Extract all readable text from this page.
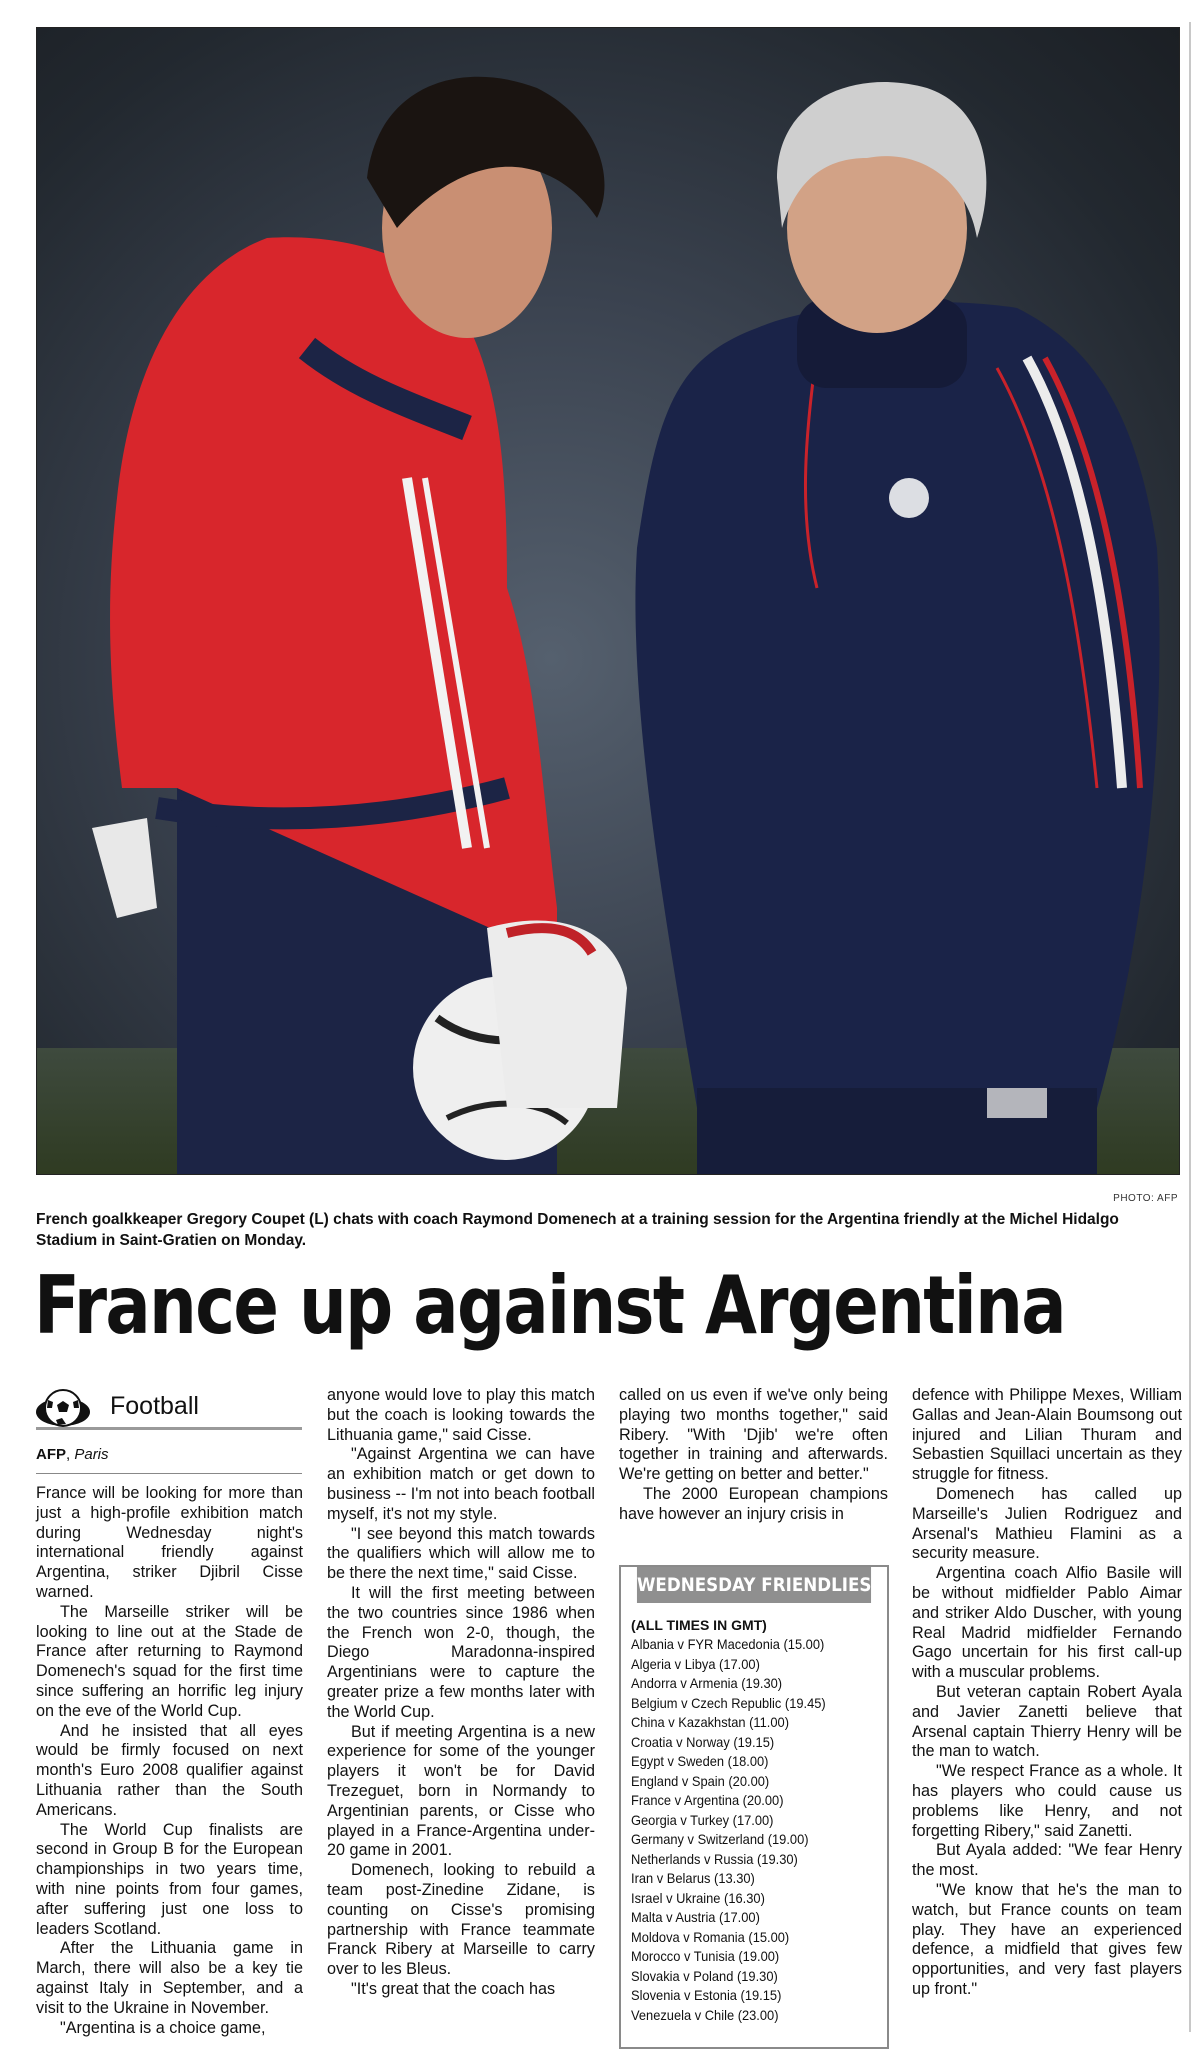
PHOTO: AFP
French goalkkeaper Gregory Coupet (L) chats with coach Raymond Domenech at a training session for the Argentina friendly at the Michel Hidalgo Stadium in Saint-Gratien on Monday.
France up against Argentina
Football
AFP, Paris

France will be looking for more than just a high-profile exhibition match during Wednesday night's international friendly against Argentina, striker Djibril Cisse warned.

The Marseille striker will be looking to line out at the Stade de France after returning to Raymond Domenech's squad for the first time since suffering an horrific leg injury on the eve of the World Cup.

And he insisted that all eyes would be firmly focused on next month's Euro 2008 qualifier against Lithuania rather than the South Americans.

The World Cup finalists are second in Group B for the European championships in two years time, with nine points from four games, after suffering just one loss to leaders Scotland.

After the Lithuania game in March, there will also be a key tie against Italy in September, and a visit to the Ukraine in November.

"Argentina is a choice game,

anyone would love to play this match but the coach is looking towards the Lithuania game," said Cisse.

"Against Argentina we can have an exhibition match or get down to business -- I'm not into beach football myself, it's not my style.

"I see beyond this match towards the qualifiers which will allow me to be there the next time," said Cisse.

It will the first meeting between the two countries since 1986 when the French won 2-0, though, the Diego Maradonna-inspired Argentinians were to capture the greater prize a few months later with the World Cup.

But if meeting Argentina is a new experience for some of the younger players it won't be for David Trezeguet, born in Normandy to Argentinian parents, or Cisse who played in a France-Argentina under-20 game in 2001.

Domenech, looking to rebuild a team post-Zinedine Zidane, is counting on Cisse's promising partnership with France teammate Franck Ribery at Marseille to carry over to les Bleus.

"It's great that the coach has

called on us even if we've only being playing two months together," said Ribery. "With 'Djib' we're often together in training and afterwards. We're getting on better and better."

The 2000 European champions have however an injury crisis in

WEDNESDAY FRIENDLIES
(ALL TIMES IN GMT)
Albania v FYR Macedonia (15.00)
Algeria v Libya (17.00)
Andorra v Armenia (19.30)
Belgium v Czech Republic (19.45)
China v Kazakhstan (11.00)
Croatia v Norway (19.15)
Egypt v Sweden (18.00)
England v Spain (20.00)
France v Argentina (20.00)
Georgia v Turkey (17.00)
Germany v Switzerland (19.00)
Netherlands v Russia (19.30)
Iran v Belarus (13.30)
Israel v Ukraine (16.30)
Malta v Austria (17.00)
Moldova v Romania (15.00)
Morocco v Tunisia (19.00)
Slovakia v Poland (19.30)
Slovenia v Estonia (19.15)
Venezuela v Chile (23.00)

defence with Philippe Mexes, William Gallas and Jean-Alain Boumsong out injured and Lilian Thuram and Sebastien Squillaci uncertain as they struggle for fitness.

Domenech has called up Marseille's Julien Rodriguez and Arsenal's Mathieu Flamini as a security measure.

Argentina coach Alfio Basile will be without midfielder Pablo Aimar and striker Aldo Duscher, with young Real Madrid midfielder Fernando Gago uncertain for his first call-up with a muscular problems.

But veteran captain Robert Ayala and Javier Zanetti believe that Arsenal captain Thierry Henry will be the man to watch.

"We respect France as a whole. It has players who could cause us problems like Henry, and not forgetting Ribery," said Zanetti.

But Ayala added: "We fear Henry the most.

"We know that he's the man to watch, but France counts on team play. They have an experienced defence, a midfield that gives few opportunities, and very fast players up front."
